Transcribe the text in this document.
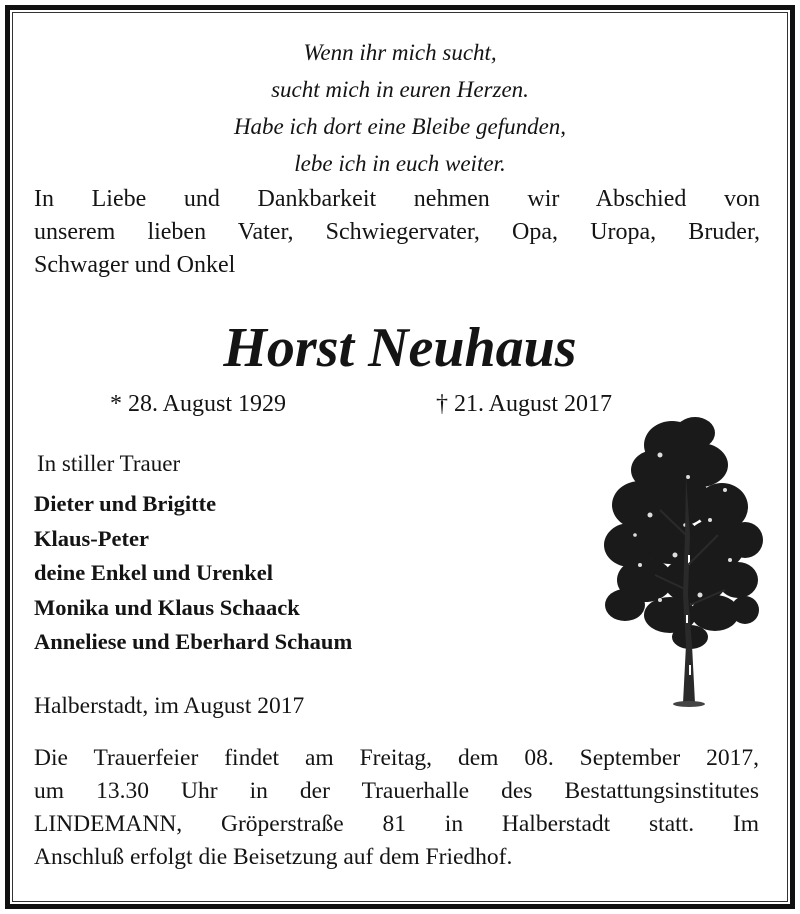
Wenn ihr mich sucht,
sucht mich in euren Herzen.
Habe ich dort eine Bleibe gefunden,
lebe ich in euch weiter.
In Liebe und Dankbarkeit nehmen wir Abschied von
unserem lieben Vater, Schwiegervater, Opa, Uropa, Bruder,
Schwager und Onkel
Horst Neuhaus
* 28. August 1929	† 21. August 2017
In stiller Trauer
Dieter und Brigitte
Klaus-Peter
deine Enkel und Urenkel
Monika und Klaus Schaack
Anneliese und Eberhard Schaum
Halberstadt, im August 2017
Die Trauerfeier findet am Freitag, dem 08. September 2017,
um 13.30 Uhr in der Trauerhalle des Bestattungsinstitutes
LINDEMANN, Gröperstraße 81 in Halberstadt statt. Im
Anschluß erfolgt die Beisetzung auf dem Friedhof.
